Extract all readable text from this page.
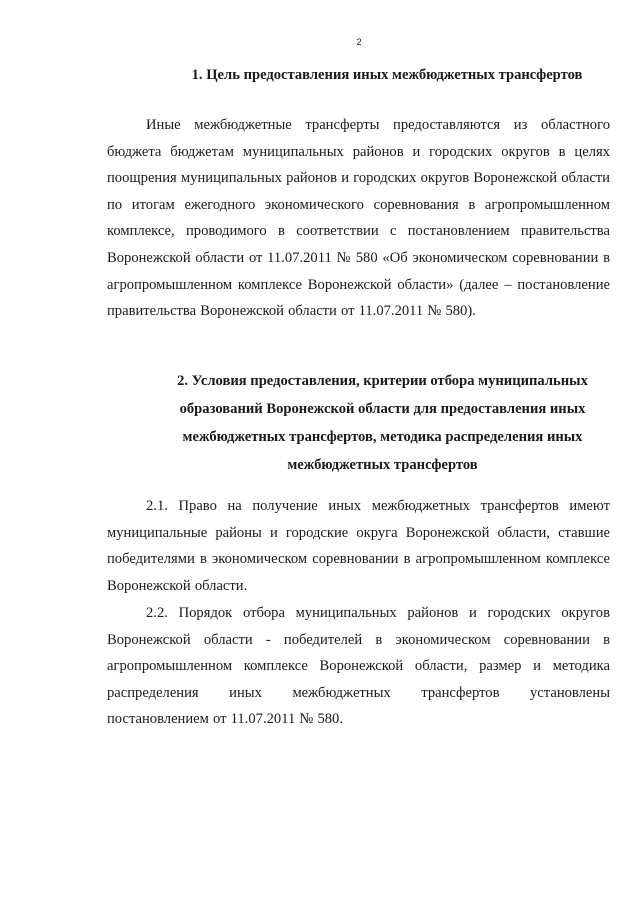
2
1. Цель предоставления иных межбюджетных трансфертов

Иные межбюджетные трансферты предоставляются из областного бюджета бюджетам муниципальных районов и городских округов в целях поощрения муниципальных районов и городских округов Воронежской области по итогам ежегодного экономического соревнования в агропромышленном комплексе, проводимого в соответствии с постановлением правительства Воронежской области от 11.07.2011 № 580 «Об экономическом соревновании в агропромышленном комплексе Воронежской области» (далее – постановление правительства Воронежской области от 11.07.2011 № 580).

2. Условия предоставления, критерии отбора муниципальных образований Воронежской области для предоставления иных межбюджетных трансфертов, методика распределения иных межбюджетных трансфертов

2.1. Право на получение иных межбюджетных трансфертов имеют муниципальные районы и городские округа Воронежской области, ставшие победителями в экономическом соревновании в агропромышленном комплексе Воронежской области.

2.2. Порядок отбора муниципальных районов и городских округов Воронежской области - победителей в экономическом соревновании в агропромышленном комплексе Воронежской области, размер и методика распределения иных межбюджетных трансфертов установлены постановлением от 11.07.2011 № 580.
